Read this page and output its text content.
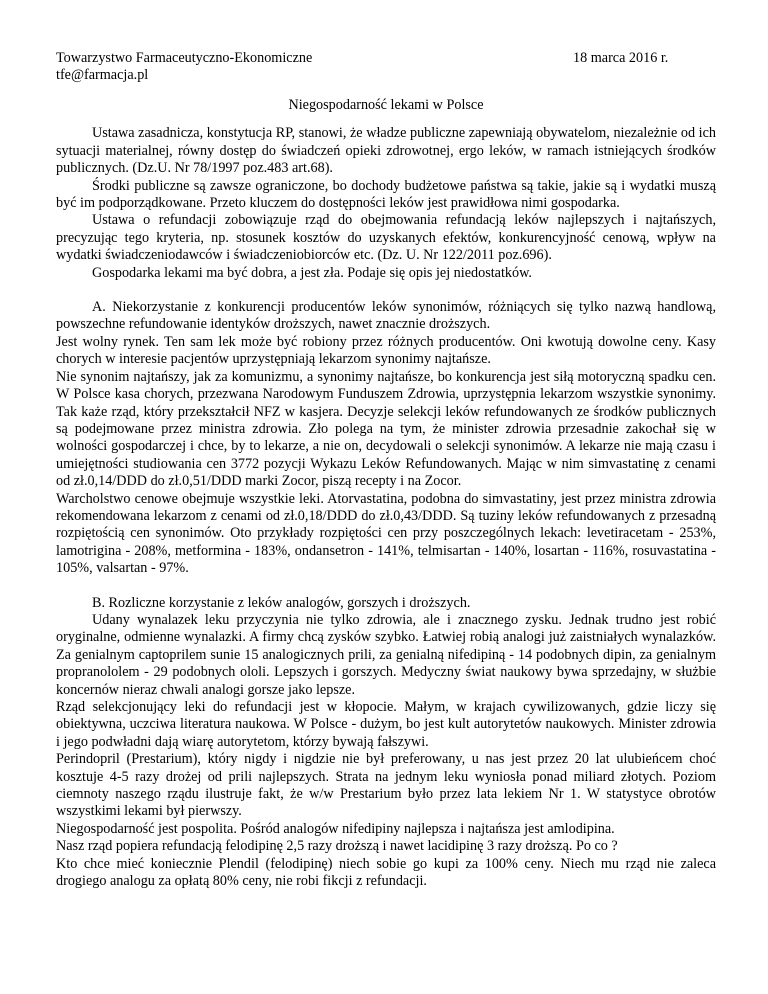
Towarzystwo Farmaceutyczno-Ekonomiczne
tfe@farmacja.pl
18 marca 2016 r.
Niegospodarność lekami w Polsce

Ustawa zasadnicza, konstytucja RP, stanowi, że władze publiczne zapewniają obywatelom, niezależnie od ich sytuacji materialnej, równy dostęp do świadczeń opieki zdrowotnej, ergo leków, w ramach istniejących środków publicznych. (Dz.U. Nr 78/1997 poz.483 art.68).

Środki publiczne są zawsze ograniczone, bo dochody budżetowe państwa są takie, jakie są i wydatki muszą być im podporządkowane. Przeto kluczem do dostępności leków jest prawidłowa nimi gospodarka.

Ustawa o refundacji zobowiązuje rząd do obejmowania refundacją leków najlepszych i najtańszych, precyzując tego kryteria, np. stosunek kosztów do uzyskanych efektów, konkurencyjność cenową, wpływ na wydatki świadczeniodawców i świadczeniobiorców etc. (Dz. U. Nr 122/2011 poz.696).

Gospodarka lekami ma być dobra, a jest zła. Podaje się opis jej niedostatków.

A. Niekorzystanie z konkurencji producentów leków synonimów, różniących się tylko nazwą handlową, powszechne refundowanie identyków droższych, nawet znacznie droższych.

Jest wolny rynek. Ten sam lek może być robiony przez różnych producentów. Oni kwotują dowolne ceny. Kasy chorych w interesie pacjentów uprzystępniają lekarzom synonimy najtańsze.

Nie synonim najtańszy, jak za komunizmu, a synonimy najtańsze, bo konkurencja jest siłą motoryczną spadku cen. W Polsce kasa chorych, przezwana Narodowym Funduszem Zdrowia, uprzystępnia lekarzom wszystkie synonimy. Tak każe rząd, który przekształcił NFZ w kasjera. Decyzje selekcji leków refundowanych ze środków publicznych są podejmowane przez ministra zdrowia. Zło polega na tym, że minister zdrowia przesadnie zakochał się w wolności gospodarczej i chce, by to lekarze, a nie on, decydowali o selekcji synonimów. A lekarze nie mają czasu i umiejętności studiowania cen 3772 pozycji Wykazu Leków Refundowanych. Mając w nim simvastatinę z cenami od zł.0,14/DDD do zł.0,51/DDD marki Zocor, piszą recepty i na Zocor.

Warcholstwo cenowe obejmuje wszystkie leki. Atorvastatina, podobna do simvastatiny, jest przez ministra zdrowia rekomendowana lekarzom z cenami od zł.0,18/DDD do zł.0,43/DDD. Są tuziny leków refundowanych z przesadną rozpiętością cen synonimów. Oto przykłady rozpiętości cen przy poszczególnych lekach: levetiracetam - 253%, lamotrigina - 208%, metformina - 183%, ondansetron - 141%, telmisartan - 140%, losartan - 116%, rosuvastatina - 105%, valsartan - 97%.

B. Rozliczne korzystanie z leków analogów, gorszych i droższych.

Udany wynalazek leku przyczynia nie tylko zdrowia, ale i znacznego zysku. Jednak trudno jest robić oryginalne, odmienne wynalazki. A firmy chcą zysków szybko. Łatwiej robią analogi już zaistniałych wynalazków. Za genialnym captoprilem sunie 15 analogicznych prili, za genialną nifedipiną - 14 podobnych dipin, za genialnym propranololem - 29 podobnych ololi. Lepszych i gorszych. Medyczny świat naukowy bywa sprzedajny, w służbie koncernów nieraz chwali analogi gorsze jako lepsze.

Rząd selekcjonujący leki do refundacji jest w kłopocie. Małym, w krajach cywilizowanych, gdzie liczy się obiektywna, uczciwa literatura naukowa. W Polsce - dużym, bo jest kult autorytetów naukowych. Minister zdrowia i jego podwładni dają wiarę autorytetom, którzy bywają fałszywi.

Perindopril (Prestarium), który nigdy i nigdzie nie był preferowany, u nas jest przez 20 lat ulubieńcem choć kosztuje 4-5 razy drożej od prili najlepszych. Strata na jednym leku wyniosła ponad miliard złotych. Poziom ciemnoty naszego rządu ilustruje fakt, że w/w Prestarium było przez lata lekiem Nr 1. W statystyce obrotów wszystkimi lekami był pierwszy.

Niegospodarność jest pospolita. Pośród analogów nifedipiny najlepsza i najtańsza jest amlodipina.

Nasz rząd popiera refundacją felodipinę 2,5 razy droższą i nawet lacidipinę 3 razy droższą. Po co ?

Kto chce mieć koniecznie Plendil (felodipinę) niech sobie go kupi za 100% ceny. Niech mu rząd nie zaleca drogiego analogu za opłatą 80% ceny, nie robi fikcji z refundacji.
